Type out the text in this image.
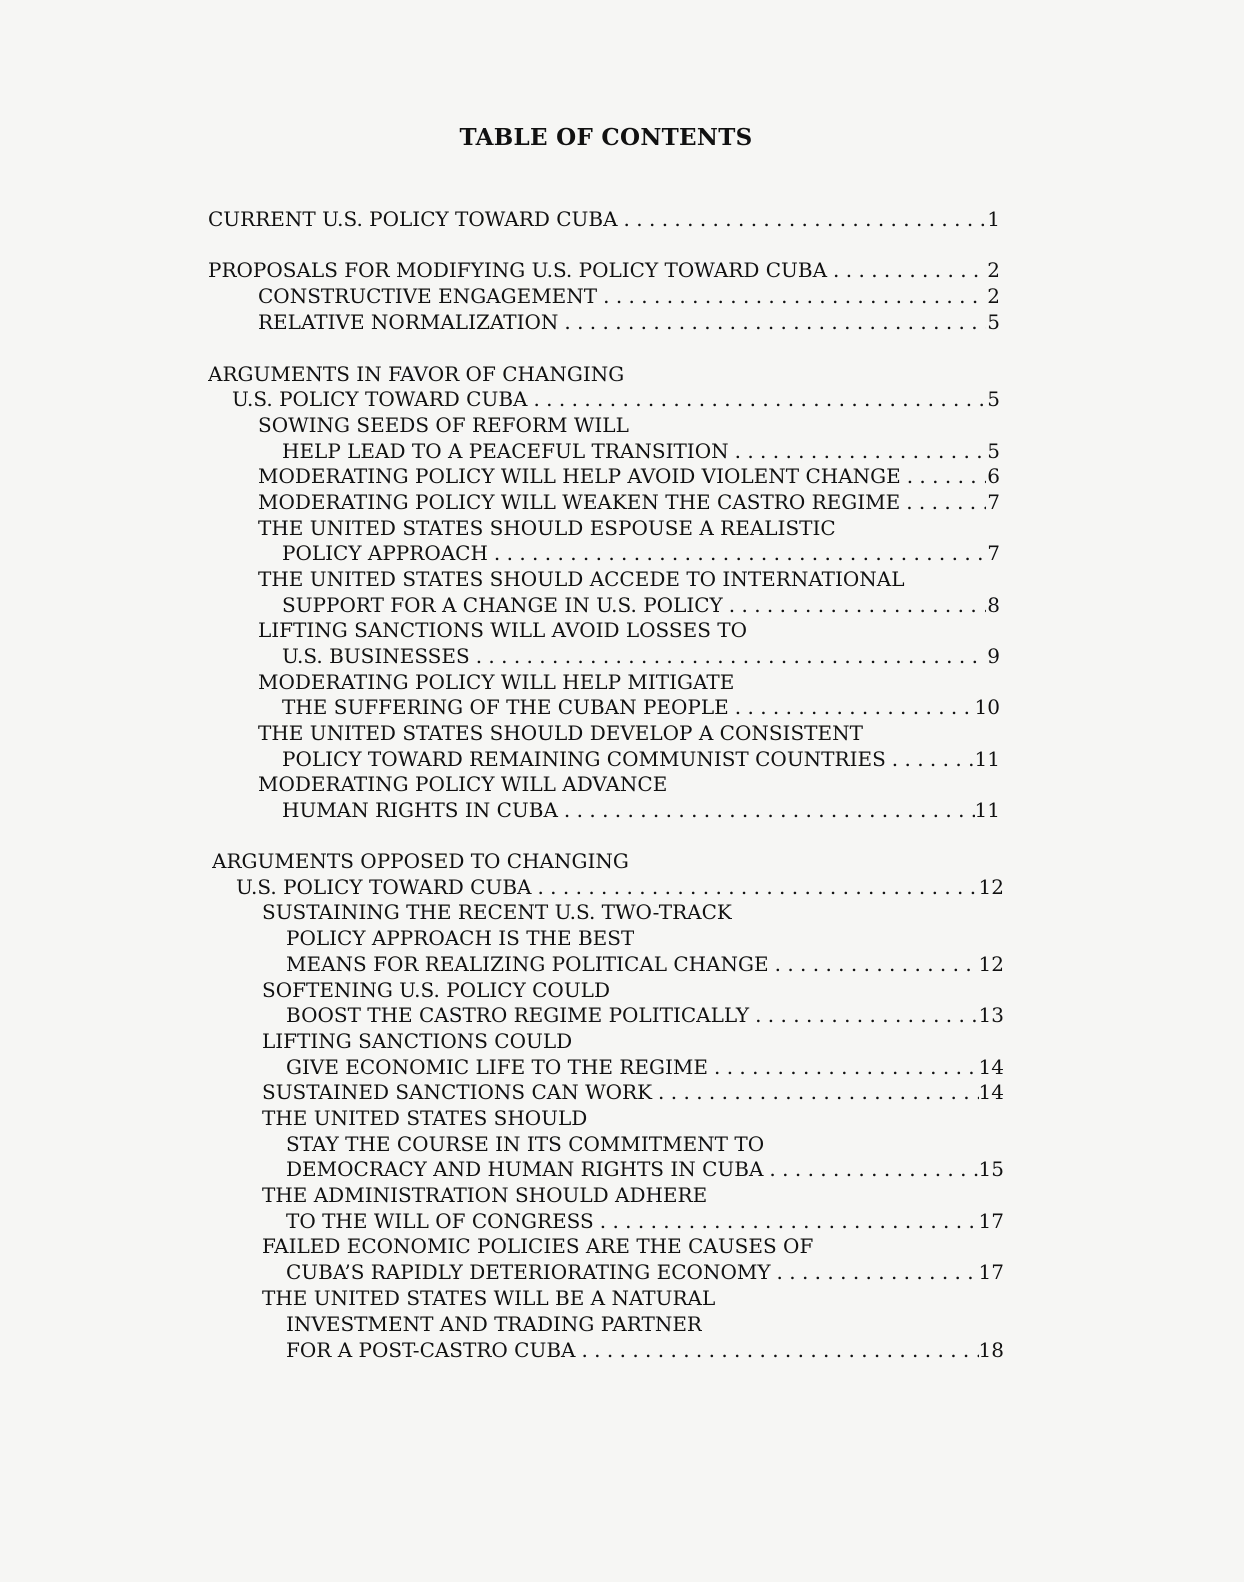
TABLE OF CONTENTS
CURRENT U.S. POLICY TOWARD CUBA . . .	1
PROPOSALS FOR MODIFYING U.S. POLICY TOWARD CUBA . . .	2
CONSTRUCTIVE ENGAGEMENT . . .	2
RELATIVE NORMALIZATION . . .	5
ARGUMENTS IN FAVOR OF CHANGING
U.S. POLICY TOWARD CUBA . . .	5
SOWING SEEDS OF REFORM WILL
HELP LEAD TO A PEACEFUL TRANSITION . . .	5
MODERATING POLICY WILL HELP AVOID VIOLENT CHANGE . . .	6
MODERATING POLICY WILL WEAKEN THE CASTRO REGIME . . .	7
THE UNITED STATES SHOULD ESPOUSE A REALISTIC
POLICY APPROACH . . .	7
THE UNITED STATES SHOULD ACCEDE TO INTERNATIONAL
SUPPORT FOR A CHANGE IN U.S. POLICY . . .	8
LIFTING SANCTIONS WILL AVOID LOSSES TO
U.S. BUSINESSES . . .	9
MODERATING POLICY WILL HELP MITIGATE
THE SUFFERING OF THE CUBAN PEOPLE . . .	10
THE UNITED STATES SHOULD DEVELOP A CONSISTENT
POLICY TOWARD REMAINING COMMUNIST COUNTRIES . . .	11
MODERATING POLICY WILL ADVANCE
HUMAN RIGHTS IN CUBA . . .	11
ARGUMENTS OPPOSED TO CHANGING
U.S. POLICY TOWARD CUBA . . .	12
SUSTAINING THE RECENT U.S. TWO-TRACK
POLICY APPROACH IS THE BEST
MEANS FOR REALIZING POLITICAL CHANGE . . .	12
SOFTENING U.S. POLICY COULD
BOOST THE CASTRO REGIME POLITICALLY . . .	13
LIFTING SANCTIONS COULD
GIVE ECONOMIC LIFE TO THE REGIME . . .	14
SUSTAINED SANCTIONS CAN WORK . . .	14
THE UNITED STATES SHOULD
STAY THE COURSE IN ITS COMMITMENT TO
DEMOCRACY AND HUMAN RIGHTS IN CUBA . . .	15
THE ADMINISTRATION SHOULD ADHERE
TO THE WILL OF CONGRESS . . .	17
FAILED ECONOMIC POLICIES ARE THE CAUSES OF
CUBA’S RAPIDLY DETERIORATING ECONOMY . . .	17
THE UNITED STATES WILL BE A NATURAL
INVESTMENT AND TRADING PARTNER
FOR A POST-CASTRO CUBA . . .	18
